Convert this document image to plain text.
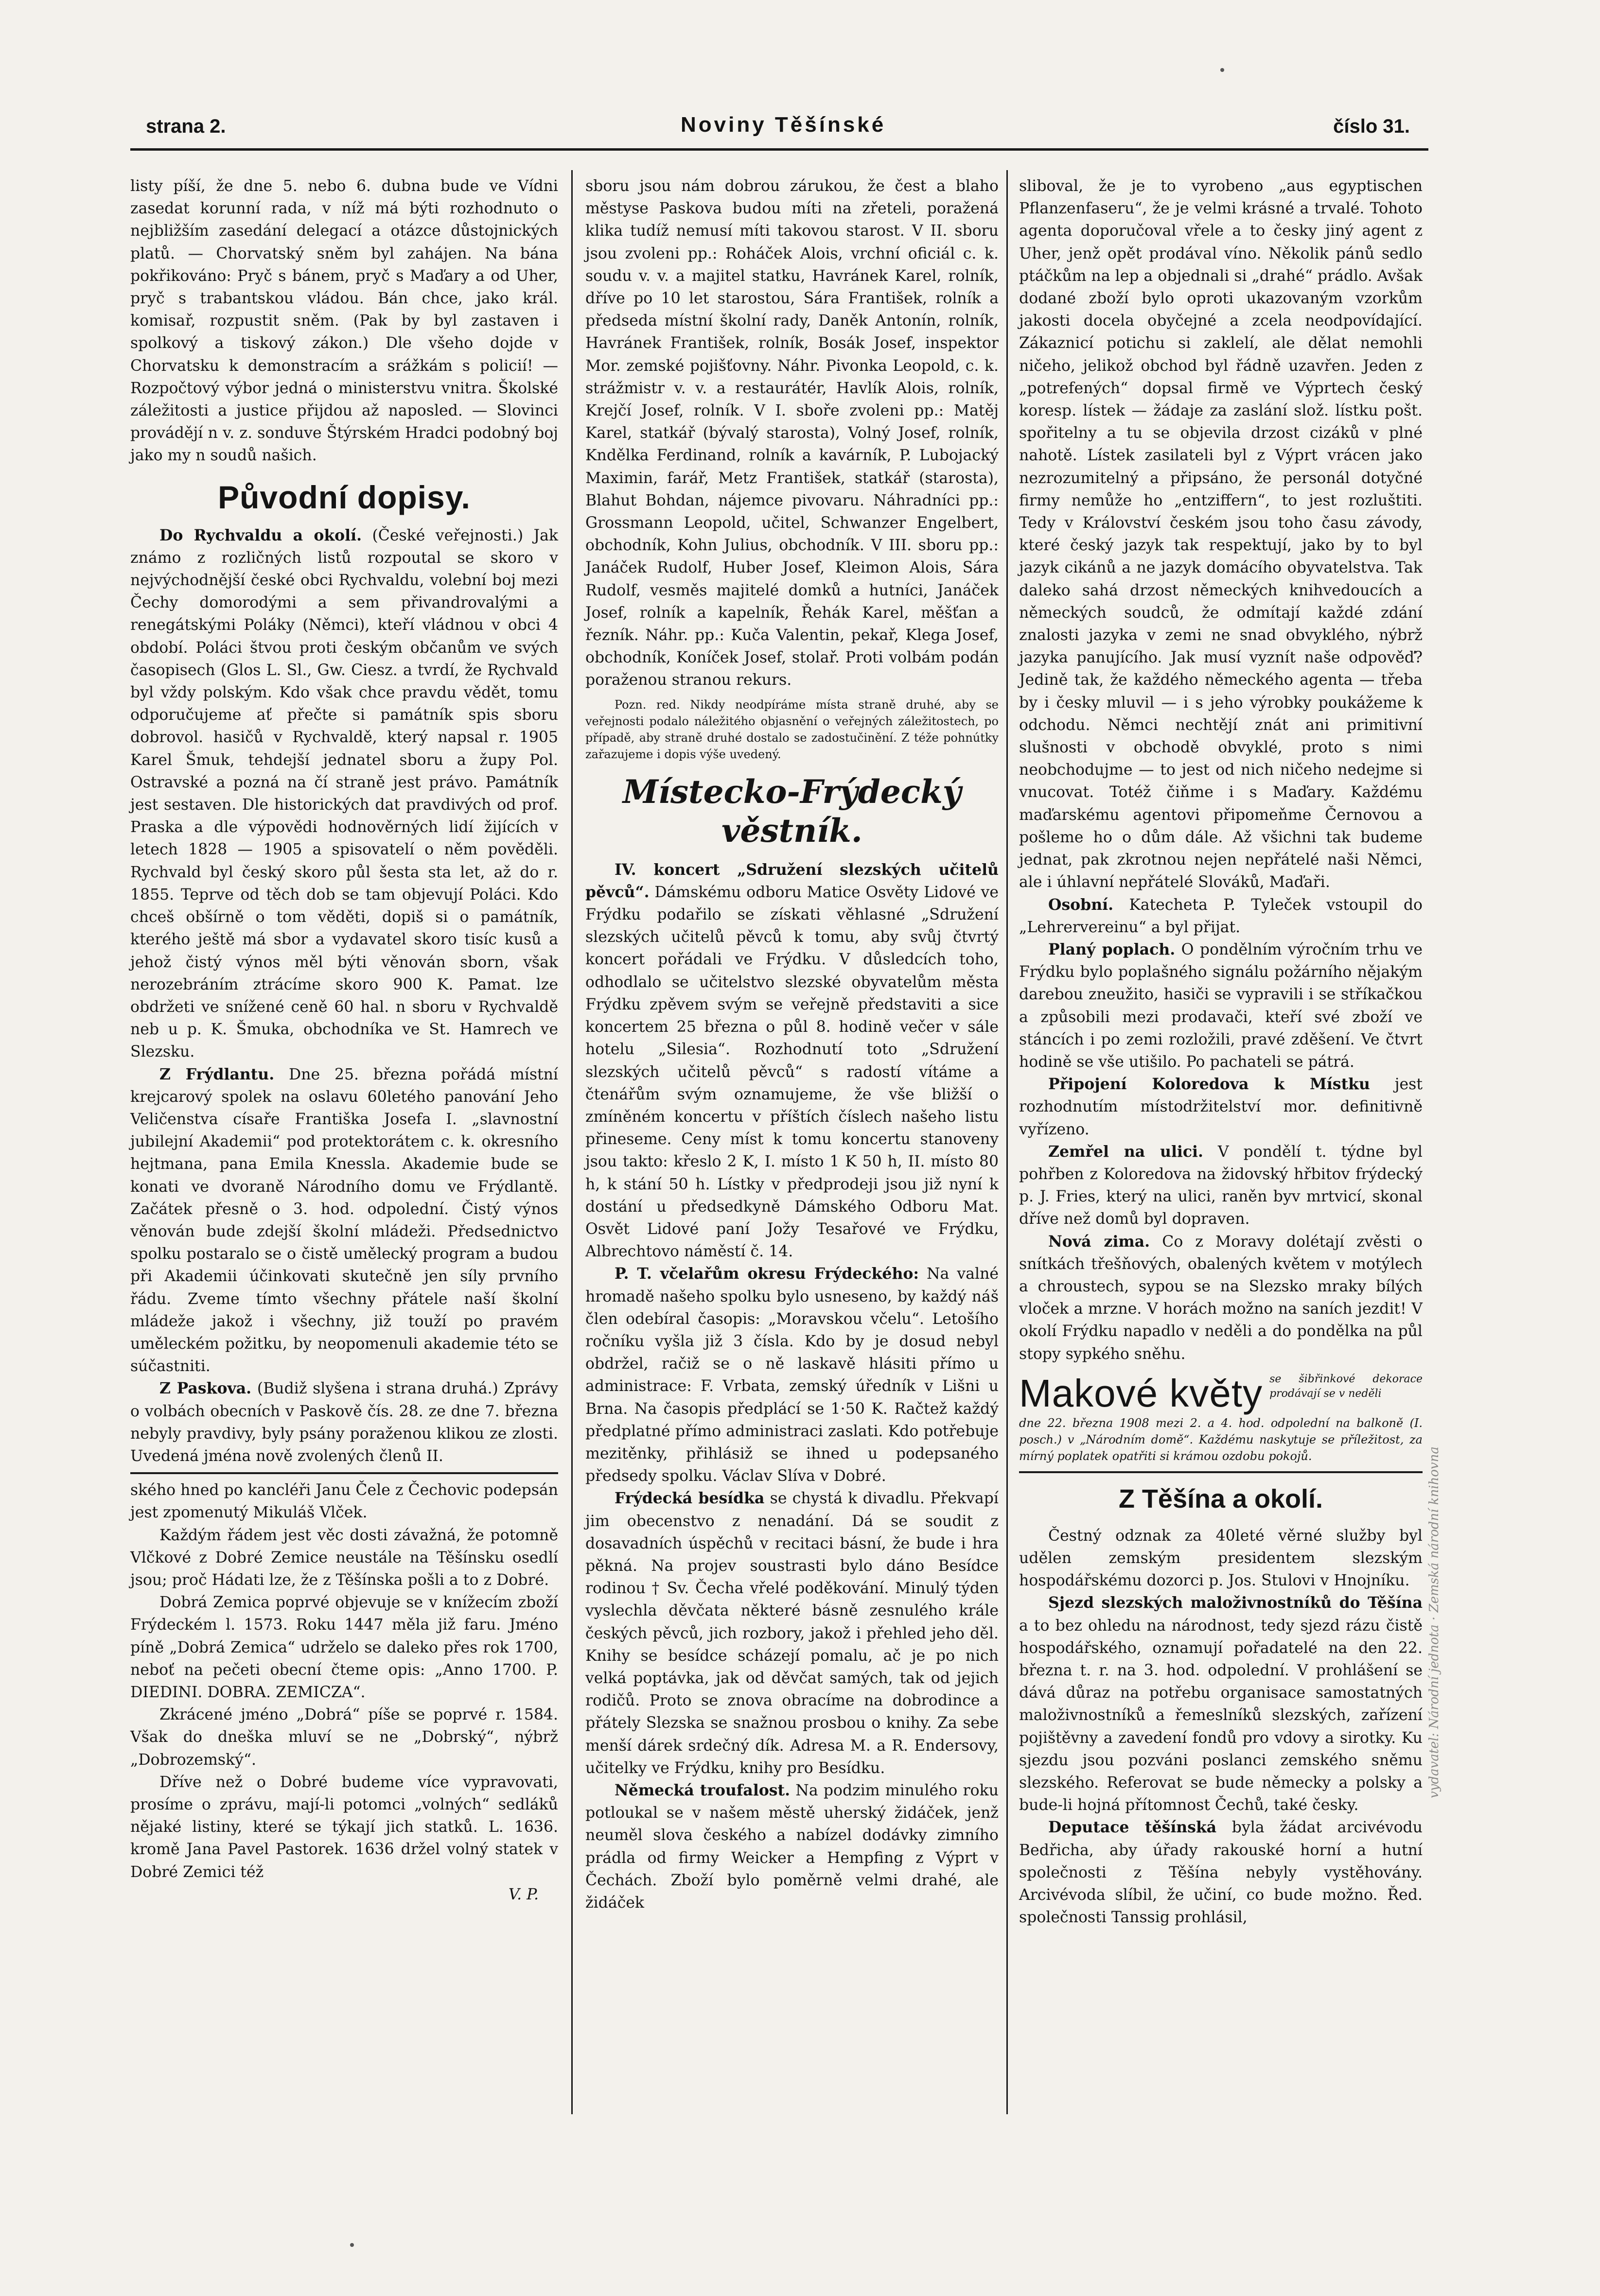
strana 2.	Noviny Těšínské	číslo 31.

listy píší, že dne 5. nebo 6. dubna bude ve Vídni zasedat korunní rada, v níž má býti rozhodnuto o nejbližším zasedání delegací a otázce důstojnických platů. — Chorvatský sněm byl zahájen. Na bána pokřikováno: Pryč s bánem, pryč s Maďary a od Uher, pryč s trabantskou vládou. Bán chce, jako král. komisař, rozpustit sněm. (Pak by byl zastaven i spolkový a tiskový zákon.) Dle všeho dojde v Chorvatsku k demonstracím a srážkám s policií! — Rozpočtový výbor jedná o ministerstvu vnitra. Školské záležitosti a justice přijdou až naposled. — Slovinci provádějí n v. z. sonduve Štýrském Hradci podobný boj jako my n soudů našich.

Původní dopisy.

Do Rychvaldu a okolí. (České veřejnosti.) Jak známo z rozličných listů rozpoutal se skoro v nejvýchodnější české obci Rychvaldu, volební boj mezi Čechy domorodými a sem přivandrovalými a renegátskými Poláky (Němci), kteří vládnou v obci 4 období. Poláci štvou proti českým občanům ve svých časopisech (Glos L. Sl., Gw. Ciesz. a tvrdí, že Rychvald byl vždy polským. Kdo však chce pravdu vědět, tomu odporučujeme ať přečte si památník spis sboru dobrovol. hasičů v Rychvaldě, který napsal r. 1905 Karel Šmuk, tehdejší jednatel sboru a župy Pol. Ostravské a pozná na čí straně jest právo. Památník jest sestaven. Dle historických dat pravdivých od prof. Praska a dle výpovědi hodnověrných lidí žijících v letech 1828 — 1905 a spisovatelí o něm pověděli. Rychvald byl český skoro půl šesta sta let, až do r. 1855. Teprve od těch dob se tam objevují Poláci. Kdo chceš obšírně o tom věděti, dopiš si o památník, kterého ještě má sbor a vydavatel skoro tisíc kusů a jehož čistý výnos měl býti věnován sborn, však nerozebráním ztrácíme skoro 900 K. Pamat. lze obdržeti ve snížené ceně 60 hal. n sboru v Rychvaldě neb u p. K. Šmuka, obchodníka ve St. Hamrech ve Slezsku.

Z Frýdlantu. Dne 25. března pořádá místní krejcarový spolek na oslavu 60letého panování Jeho Veličenstva císaře Františka Josefa I. „slavnostní jubilejní Akademii“ pod protektorátem c. k. okresního hejtmana, pana Emila Knessla. Akademie bude se konati ve dvoraně Národního domu ve Frýdlantě. Začátek přesně o 3. hod. odpolední. Čistý výnos věnován bude zdejší školní mládeži. Předsednictvo spolku postaralo se o čistě umělecký program a budou při Akademii účinkovati skutečně jen síly prvního řádu. Zveme tímto všechny přátele naší školní mládeže jakož i všechny, již touží po pravém uměleckém požitku, by neopomenuli akademie této se súčastniti.

Z Paskova. (Budiž slyšena i strana druhá.) Zprávy o volbách obecních v Paskově čís. 28. ze dne 7. března nebyly pravdivy, byly psány poraženou klikou ze zlosti. Uvedená jména nově zvolených členů II.

ského hned po kancléři Janu Čele z Čechovic podepsán jest zpomenutý Mikuláš Vlček.

Každým řádem jest věc dosti závažná, že potomně Vlčkové z Dobré Zemice neustále na Těšínsku osedlí jsou; proč Hádati lze, že z Těšínska pošli a to z Dobré.

Dobrá Zemica poprvé objevuje se v knížecím zboží Frýdeckém l. 1573. Roku 1447 měla již faru. Jméno píně „Dobrá Zemica“ udrželo se daleko přes rok 1700, neboť na pečeti obecní čteme opis: „Anno 1700. P. DIEDINI. DOBRA. ZEMICZA“.

Zkrácené jméno „Dobrá“ píše se poprvé r. 1584. Však do dneška mluví se ne „Dobrský“, nýbrž „Dobrozemský“.

Dříve než o Dobré budeme více vypravovati, prosíme o zprávu, mají-li potomci „volných“ sedláků nějaké listiny, které se týkají jich statků. L. 1636. kromě Jana Pavel Pastorek. 1636 držel volný statek v Dobré Zemici též

V. P.

sboru jsou nám dobrou zárukou, že čest a blaho městyse Paskova budou míti na zřeteli, poražená klika tudíž nemusí míti takovou starost. V II. sboru jsou zvoleni pp.: Roháček Alois, vrchní oficiál c. k. soudu v. v. a majitel statku, Havránek Karel, rolník, dříve po 10 let starostou, Sára František, rolník a předseda místní školní rady, Daněk Antonín, rolník, Havránek František, rolník, Bosák Josef, inspektor Mor. zemské pojišťovny. Náhr. Pivonka Leopold, c. k. strážmistr v. v. a restaurátér, Havlík Alois, rolník, Krejčí Josef, rolník. V I. sboře zvoleni pp.: Matěj Karel, statkář (bývalý starosta), Volný Josef, rolník, Kndělka Ferdinand, rolník a kavárník, P. Lubojacký Maximin, farář, Metz František, statkář (starosta), Blahut Bohdan, nájemce pivovaru. Náhradníci pp.: Grossmann Leopold, učitel, Schwanzer Engelbert, obchodník, Kohn Julius, obchodník. V III. sboru pp.: Janáček Rudolf, Huber Josef, Kleimon Alois, Sára Rudolf, vesměs majitelé domků a hutníci, Janáček Josef, rolník a kapelník, Řehák Karel, měšťan a řezník. Náhr. pp.: Kuča Valentin, pekař, Klega Josef, obchodník, Koníček Josef, stolař. Proti volbám podán poraženou stranou rekurs.

Pozn. red. Nikdy neodpíráme místa straně druhé, aby se veřejnosti podalo náležitého objasnění o veřejných záležitostech, po případě, aby straně druhé dostalo se zadostučinění. Z téže pohnútky zařazujeme i dopis výše uvedený.
Místecko-Frýdecký věstník.

IV. koncert „Sdružení slezských učitelů pěvců“. Dámskému odboru Matice Osvěty Lidové ve Frýdku podařilo se získati věhlasné „Sdružení slezských učitelů pěvců k tomu, aby svůj čtvrtý koncert pořádali ve Frýdku. V důsledcích toho, odhodlalo se učitelstvo slezské obyvatelům města Frýdku zpěvem svým se veřejně představiti a sice koncertem 25 března o půl 8. hodině večer v sále hotelu „Silesia“. Rozhodnutí toto „Sdružení slezských učitelů pěvců“ s radostí vítáme a čtenářům svým oznamujeme, že vše bližší o zmíněném koncertu v příštích číslech našeho listu přineseme. Ceny míst k tomu koncertu stanoveny jsou takto: křeslo 2 K, I. místo 1 K 50 h, II. místo 80 h, k stání 50 h. Lístky v předprodeji jsou již nyní k dostání u předsedkyně Dámského Odboru Mat. Osvět Lidové paní Jožy Tesařové ve Frýdku, Albrechtovo náměstí č. 14.

P. T. včelařům okresu Frýdeckého: Na valné hromadě našeho spolku bylo usneseno, by každý náš člen odebíral časopis: „Moravskou včelu“. Letošího ročníku vyšla již 3 čísla. Kdo by je dosud nebyl obdržel, račiž se o ně laskavě hlásiti přímo u administrace: F. Vrbata, zemský úředník v Lišni u Brna. Na časopis předplácí se 1·50 K. Račtež každý předplatné přímo administraci zaslati. Kdo potřebuje mezitěnky, přihlásiž se ihned u podepsaného předsedy spolku. Václav Slíva v Dobré.

Frýdecká besídka se chystá k divadlu. Překvapí jim obecenstvo z nenadání. Dá se soudit z dosavadních úspěchů v recitaci básní, že bude i hra pěkná. Na projev soustrasti bylo dáno Besídce rodinou † Sv. Čecha vřelé poděkování. Minulý týden vyslechla děvčata některé básně zesnulého krále českých pěvců, jich rozbory, jakož i přehled jeho děl. Knihy se besídce scházejí pomalu, ač je po nich velká poptávka, jak od děvčat samých, tak od jejich rodičů. Proto se znova obracíme na dobrodince a přátely Slezska se snažnou prosbou o knihy. Za sebe menší dárek srdečný dík. Adresa M. a R. Endersovy, učitelky ve Frýdku, knihy pro Besídku.

Německá troufalost. Na podzim minulého roku potloukal se v našem městě uherský židáček, jenž neuměl slova českého a nabízel dodávky zimního prádla od firmy Weicker a Hempfing z Výprt v Čechách. Zboží bylo poměrně velmi drahé, ale židáček

sliboval, že je to vyrobeno „aus egyptischen Pflanzenfaseru“, že je velmi krásné a trvalé. Tohoto agenta doporučoval vřele a to česky jiný agent z Uher, jenž opět prodával víno. Několik pánů sedlo ptáčkům na lep a objednali si „drahé“ prádlo. Avšak dodané zboží bylo oproti ukazovaným vzorkům jakosti docela obyčejné a zcela neodpovídající. Zákaznicí potichu si zaklelí, ale dělat nemohli ničeho, jelikož obchod byl řádně uzavřen. Jeden z „potrefených“ dopsal firmě ve Výprtech český koresp. lístek — žádaje za zaslání slož. lístku pošt. spořitelny a tu se objevila drzost cizáků v plné nahotě. Lístek zasilateli byl z Výprt vrácen jako nezrozumitelný a připsáno, že personál dotyčné firmy nemůže ho „entziffern“, to jest rozluštiti. Tedy v Království českém jsou toho času závody, které český jazyk tak respektují, jako by to byl jazyk cikánů a ne jazyk domácího obyvatelstva. Tak daleko sahá drzost německých knihvedoucích a německých soudců, že odmítají každé zdání znalosti jazyka v zemi ne snad obvyklého, nýbrž jazyka panujícího. Jak musí vyznít naše odpověď? Jedině tak, že každého německého agenta — třeba by i česky mluvil — i s jeho výrobky poukážeme k odchodu. Němci nechtějí znát ani primitivní slušnosti v obchodě obvyklé, proto s nimi neobchodujme — to jest od nich ničeho nedejme si vnucovat. Totéž čiňme i s Maďary. Každému maďarskému agentovi připomeňme Černovou a pošleme ho o dům dále. Až všichni tak budeme jednat, pak zkrotnou nejen nepřátelé naši Němci, ale i úhlavní nepřátelé Slováků, Maďaři.

Osobní. Katecheta P. Tyleček vstoupil do „Lehrervereinu“ a byl přijat.

Planý poplach. O pondělním výročním trhu ve Frýdku bylo poplašného signálu požárního nějakým darebou zneužito, hasiči se vypravili i se stříkačkou a způsobili mezi prodavači, kteří své zboží ve stáncích i po zemi rozložili, pravé zděšení. Ve čtvrt hodině se vše utišilo. Po pachateli se pátrá.

Připojení Koloredova k Místku jest rozhodnutím místodržitelství mor. definitivně vyřízeno.

Zemřel na ulici. V pondělí t. týdne byl pohřben z Koloredova na židovský hřbitov frýdecký p. J. Fries, který na ulici, raněn byv mrtvicí, skonal dříve než domů byl dopraven.

Nová zima. Co z Moravy dolétají zvěsti o snítkách třešňových, obalených květem v motýlech a chroustech, sypou se na Slezsko mraky bílých vloček a mrzne. V horách možno na saních jezdit! V okolí Frýdku napadlo v neděli a do pondělka na půl stopy sypkého sněhu.

Makové květy se šibřinkové dekorace prodávají se v neděli
dne 22. března 1908 mezi 2. a 4. hod. odpolední na balkoně (I. posch.) v „Národním domě“. Každému naskytuje se příležitost, za mírný poplatek opatřiti si krámou ozdobu pokojů.
Z Těšína a okolí.

Čestný odznak za 40leté věrné služby byl udělen zemským presidentem slezským hospodářskému dozorci p. Jos. Stulovi v Hnojníku.

Sjezd slezských maloživnostníků do Těšína a to bez ohledu na národnost, tedy sjezd rázu čistě hospodářského, oznamují pořadatelé na den 22. března t. r. na 3. hod. odpolední. V prohlášení se dává důraz na potřebu organisace samostatných maloživnostníků a řemeslníků slezských, zařízení pojištěvny a zavedení fondů pro vdovy a sirotky. Ku sjezdu jsou pozváni poslanci zemského sněmu slezského. Referovat se bude německy a polsky a bude-li hojná přítomnost Čechů, také česky.

Deputace těšínská byla žádat arcivévodu Bedřicha, aby úřady rakouské horní a hutní společnosti z Těšína nebyly vystěhovány. Arcivévoda slíbil, že učiní, co bude možno. Řed. společnosti Tanssig prohlásil,

vydavatel: Národní jednota · Zemská národní knihovna
